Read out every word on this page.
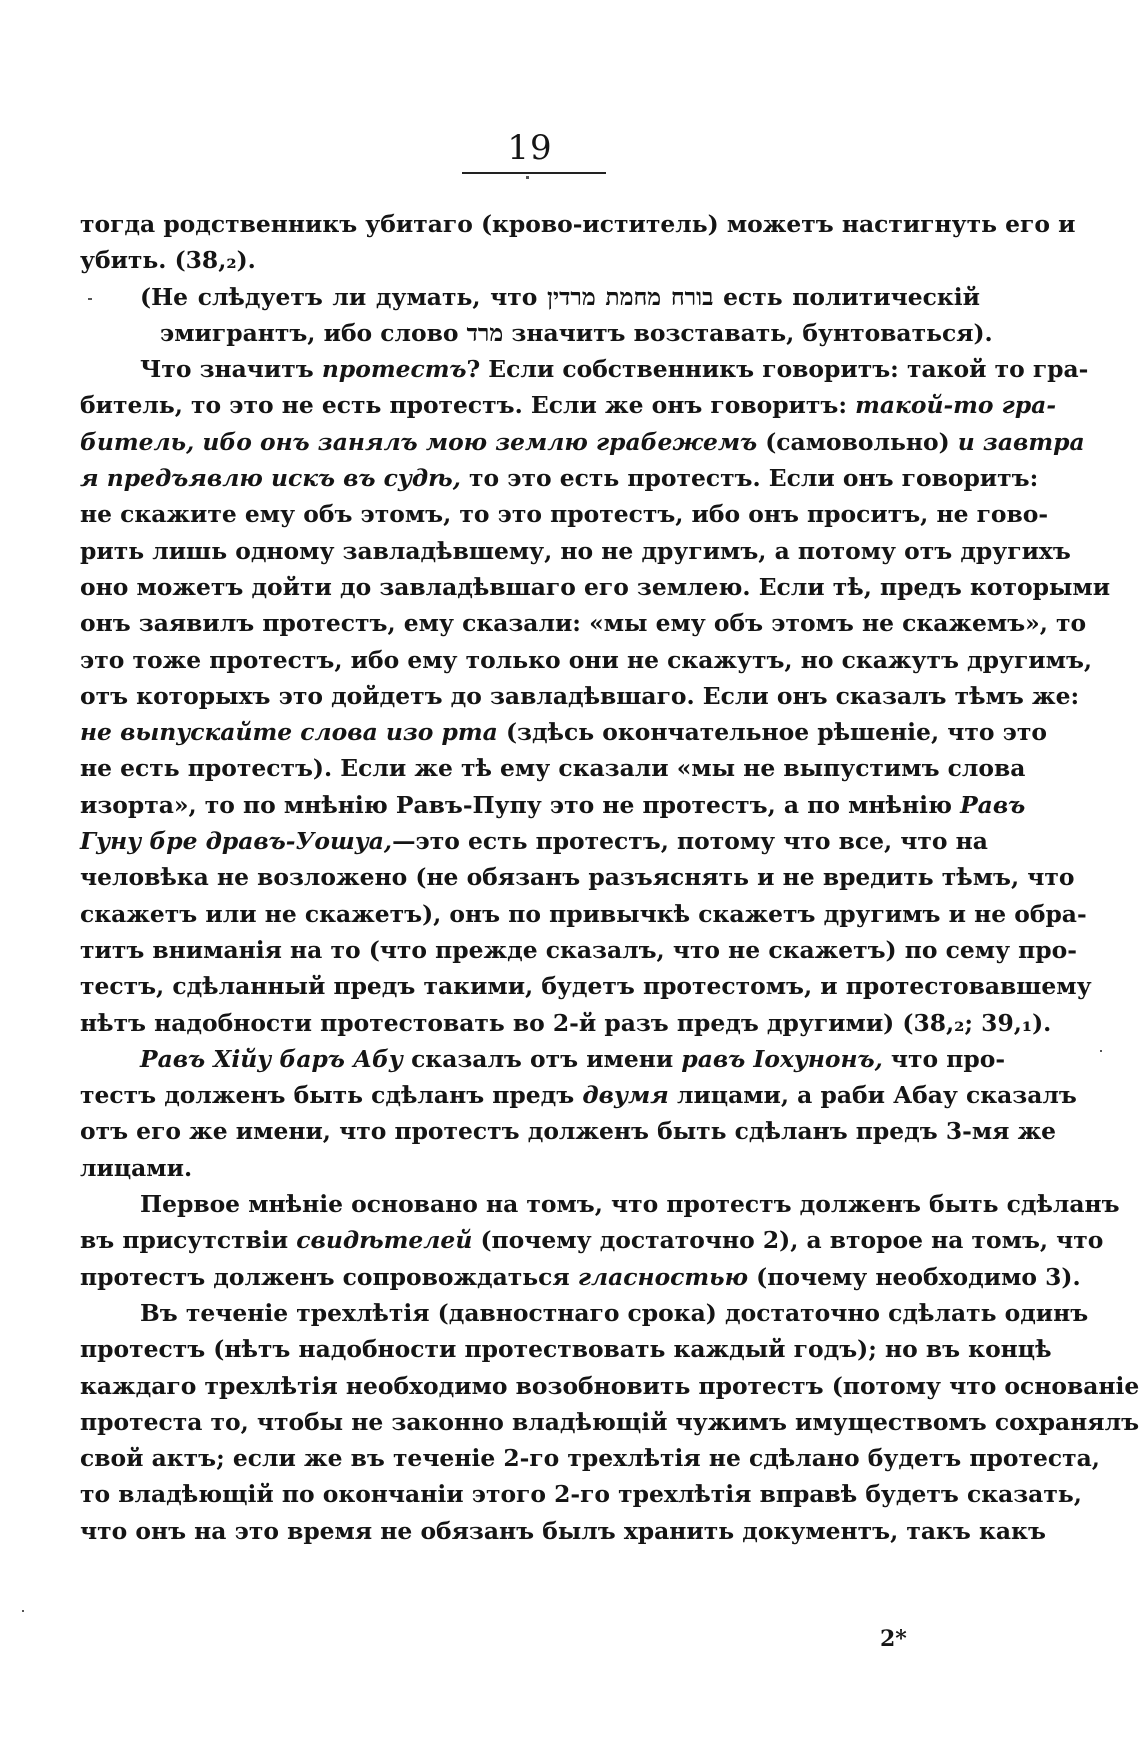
19
тогда родственникъ убитаго (крово-иститель) можетъ настигнуть его и
убить. (38,₂).
(Не слѣдуетъ ли думать, что בורח מחמת מרדין есть политическій
эмигрантъ, ибо слово מרד значитъ возставать, бунтоваться).
Что значитъ протестъ? Если собственникъ говоритъ: такой то гра-
битель, то это не есть протестъ. Если же онъ говоритъ: такой-то гра-
битель, ибо онъ занялъ мою землю грабежемъ (самовольно) и завтра
я предъявлю искъ въ судѣ, то это есть протестъ. Если онъ говоритъ:
не скажите ему объ этомъ, то это протестъ, ибо онъ проситъ, не гово-
рить лишь одному завладѣвшему, но не другимъ, а потому отъ другихъ
оно можетъ дойти до завладѣвшаго его землею. Если тѣ, предъ которыми
онъ заявилъ протестъ, ему сказали: «мы ему объ этомъ не скажемъ», то
это тоже протестъ, ибо ему только они не скажутъ, но скажутъ другимъ,
отъ которыхъ это дойдетъ до завладѣвшаго. Если онъ сказалъ тѣмъ же:
не выпускайте слова изо рта (здѣсь окончательное рѣшеніе, что это
не есть протестъ). Если же тѣ ему сказали «мы не выпустимъ слова
изорта», то по мнѣнію Равъ-Пупу это не протестъ, а по мнѣнію Равъ
Гуну бре дравъ-Уошуа,—это есть протестъ, потому что все, что на
человѣка не возложено (не обязанъ разъяснять и не вредить тѣмъ, что
скажетъ или не скажетъ), онъ по привычкѣ скажетъ другимъ и не обра-
титъ вниманія на то (что прежде сказалъ, что не скажетъ) по сему про-
тестъ, сдѣланный предъ такими, будетъ протестомъ, и протестовавшему
нѣтъ надобности протестовать во 2-й разъ предъ другими) (38,₂; 39,₁).
Равъ Хійу баръ Абу сказалъ отъ имени равъ Іохунонъ, что про-
тестъ долженъ быть сдѣланъ предъ двумя лицами, а раби Абау сказалъ
отъ его же имени, что протестъ долженъ быть сдѣланъ предъ 3-мя же
лицами.
Первое мнѣніе основано на томъ, что протестъ долженъ быть сдѣланъ
въ присутствіи свидѣтелей (почему достаточно 2), а второе на томъ, что
протестъ долженъ сопровождаться гласностью (почему необходимо 3).
Въ теченіе трехлѣтія (давностнаго срока) достаточно сдѣлать одинъ
протестъ (нѣтъ надобности протествовать каждый годъ); но въ концѣ
каждаго трехлѣтія необходимо возобновить протестъ (потому что основаніе
протеста то, чтобы не законно владѣющій чужимъ имуществомъ сохранялъ
свой актъ; если же въ теченіе 2-го трехлѣтія не сдѣлано будетъ протеста,
то владѣющій по окончаніи этого 2-го трехлѣтія вправѣ будетъ сказать,
что онъ на это время не обязанъ былъ хранить документъ, такъ какъ
2*
